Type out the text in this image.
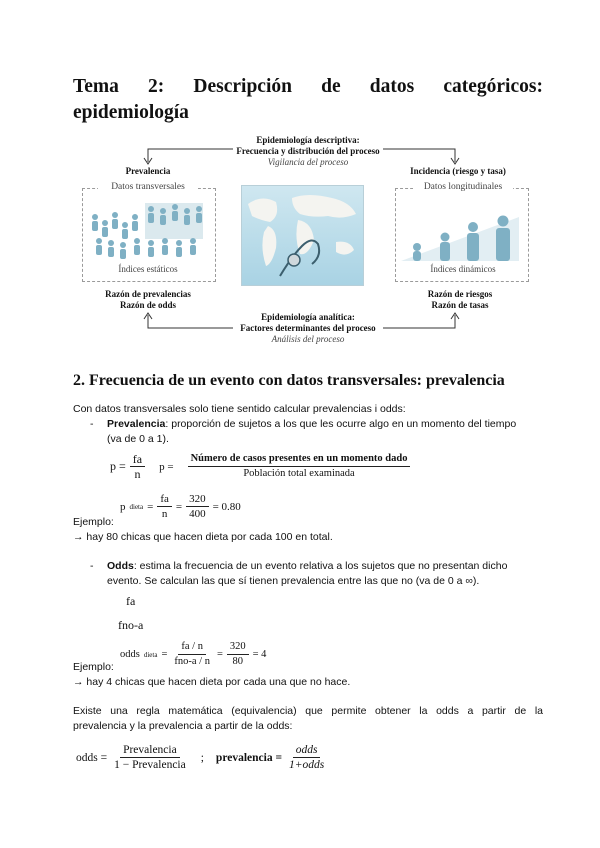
Tema 2: Descripción de datos categóricos:
epidemiología
Epidemiología descriptiva:
Frecuencia y distribución del proceso
Vigilancia del proceso
Prevalencia	Incidencia (riesgo y tasa)
Datos transversales
Índices estáticos
Datos longitudinales
Índices dinámicos
Razón de prevalencias
Razón de odds
Razón de riesgos
Razón de tasas
Epidemiología analítica:
Factores determinantes del proceso
Análisis del proceso
2. Frecuencia de un evento con datos transversales: prevalencia
Con datos transversales solo tiene sentido calcular prevalencias i odds:
- Prevalencia: proporción de sujetos a los que les ocurre algo en un momento del tiempo
(va de 0 a 1).
$p = \frac{fa}{n}$ $p = \frac{\text{Número de casos presentes en un momento dado}}{\text{Población total examinada}}$
p dieta = $\frac{fa}{n} = \frac{320}{400} = 0.80$
Ejemplo:
→ hay 80 chicas que hacen dieta por cada 100 en total.
- Odds: estima la frecuencia de un evento relativa a los sujetos que no presentan dicho
evento. Se calculan las que sí tienen prevalencia entre las que no (va de 0 a ∞).
fa
fno-a
odds dieta = $\frac{fa / n}{\text{fno-a / n}} = \frac{320}{80} = 4$
Ejemplo:
→ hay 4 chicas que hacen dieta por cada una que no hace.
Existe una regla matemática (equivalencia) que permite obtener la odds a partir de la
prevalencia y la prevalencia a partir de la odds:
odds = $\frac{\text{Prevalencia}}{\text{1 − Prevalencia}}$ ; prevalencia = $\frac{\text{odds}}{\text{1+odds}}$
